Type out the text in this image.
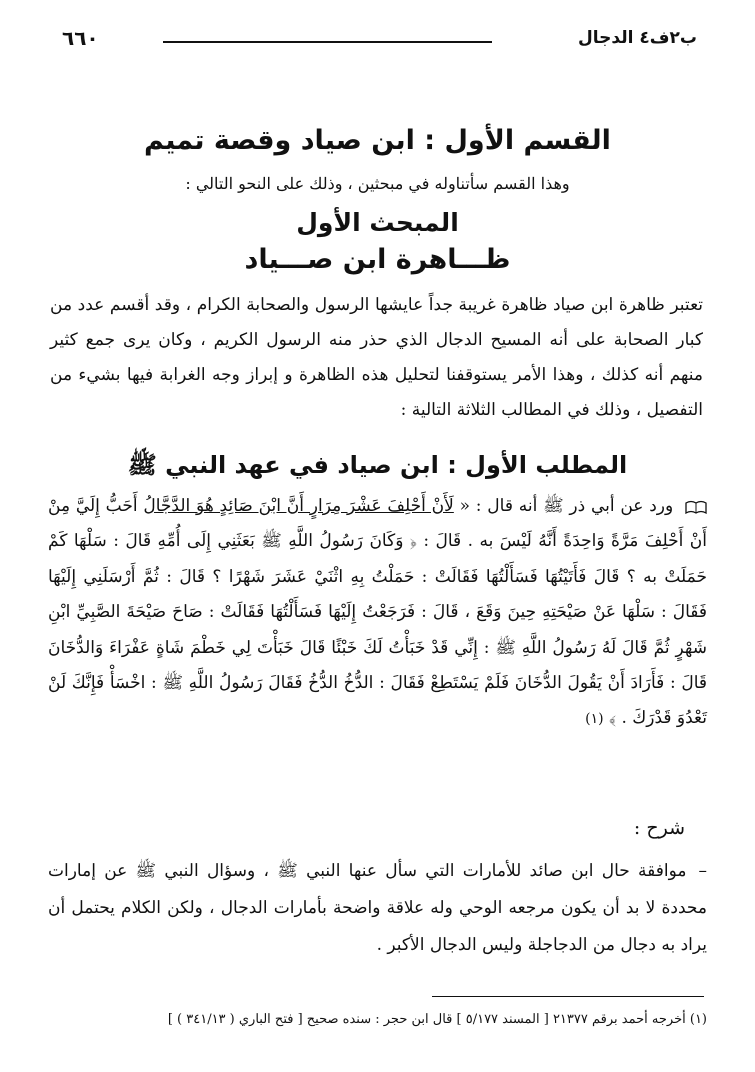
ب٢ف٤ الدجال
٦٦٠
القسم الأول : ابن صياد وقصة تميم
وهذا القسم سأتناوله في مبحثين ، وذلك على النحو التالي :
المبحث الأول
ظـــاهرة ابن صـــياد
تعتبر ظاهرة ابن صياد ظاهرة غريبة جداً عايشها الرسول والصحابة الكرام ، وقد أقسم عدد من كبار الصحابة على أنه المسيح الدجال الذي حذر منه الرسول الكريم ، وكان يرى جمع كثير منهم أنه كذلك ، وهذا الأمر يستوقفنا لتحليل هذه الظاهرة و إبراز وجه الغرابة فيها بشيء من التفصيل ، وذلك في المطالب الثلاثة التالية :
المطلب الأول : ابن صياد في عهد النبي ﷺ
ورد عن أبي ذر ﷺ أنه قال : « لَأَنْ أَحْلِفَ عَشْرَ مِرَارٍ أَنَّ ابْنَ صَائِدٍ هُوَ الدَّجَّالُ أَحَبُّ إِلَيَّ مِنْ أَنْ أَحْلِفَ مَرَّةً وَاحِدَةً أَنَّهُ لَيْسَ به . قَالَ : ﴿ وَكَانَ رَسُولُ اللَّهِ ﷺ بَعَثَنِي إِلَى أُمِّهِ قَالَ : سَلْهَا كَمْ حَمَلَتْ به ؟ قَالَ فَأَتَيْتُهَا فَسَأَلْتُهَا فَقَالَتْ : حَمَلْتُ بِهِ اثْنَيْ عَشَرَ شَهْرًا ؟ قَالَ : ثُمَّ أَرْسَلَنِي إِلَيْهَا فَقَالَ : سَلْهَا عَنْ صَيْحَتِهِ حِينَ وَقَعَ ، قَالَ : فَرَجَعْتُ إِلَيْهَا فَسَأَلْتُهَا فَقَالَتْ : صَاحَ صَيْحَةَ الصَّبِيِّ ابْنِ شَهْرٍ ثُمَّ قَالَ لَهُ رَسُولُ اللَّهِ ﷺ : إِنِّي قَدْ خَبَأْتُ لَكَ خَبْئًا قَالَ خَبَأْتَ لِي خَطْمَ شَاةٍ عَفْرَاءَ وَالدُّخَانَ قَالَ : فَأَرَادَ أَنْ يَقُولَ الدُّخَانَ فَلَمْ يَسْتَطِعْ فَقَالَ : الدُّخُ الدُّخُ فَقَالَ رَسُولُ اللَّهِ ﷺ : اخْسَأْ فَإِنَّكَ لَنْ تَعْدُوَ قَدْرَكَ . ﴾ (١)
شرح :
–موافقة حال ابن صائد للأمارات التي سأل عنها النبي ﷺ ، وسؤال النبي ﷺ عن إمارات محددة لا بد أن يكون مرجعه الوحي وله علاقة واضحة بأمارات الدجال ، ولكن الكلام يحتمل أن يراد به دجال من الدجاجلة وليس الدجال الأكبر .
(١) أخرجه أحمد برقم ٢١٣٧٧ [ المسند ٥/١٧٧ ] قال ابن حجر : سنده صحيح [ فتح الباري ( ٣٤١/١٣ ) ]
